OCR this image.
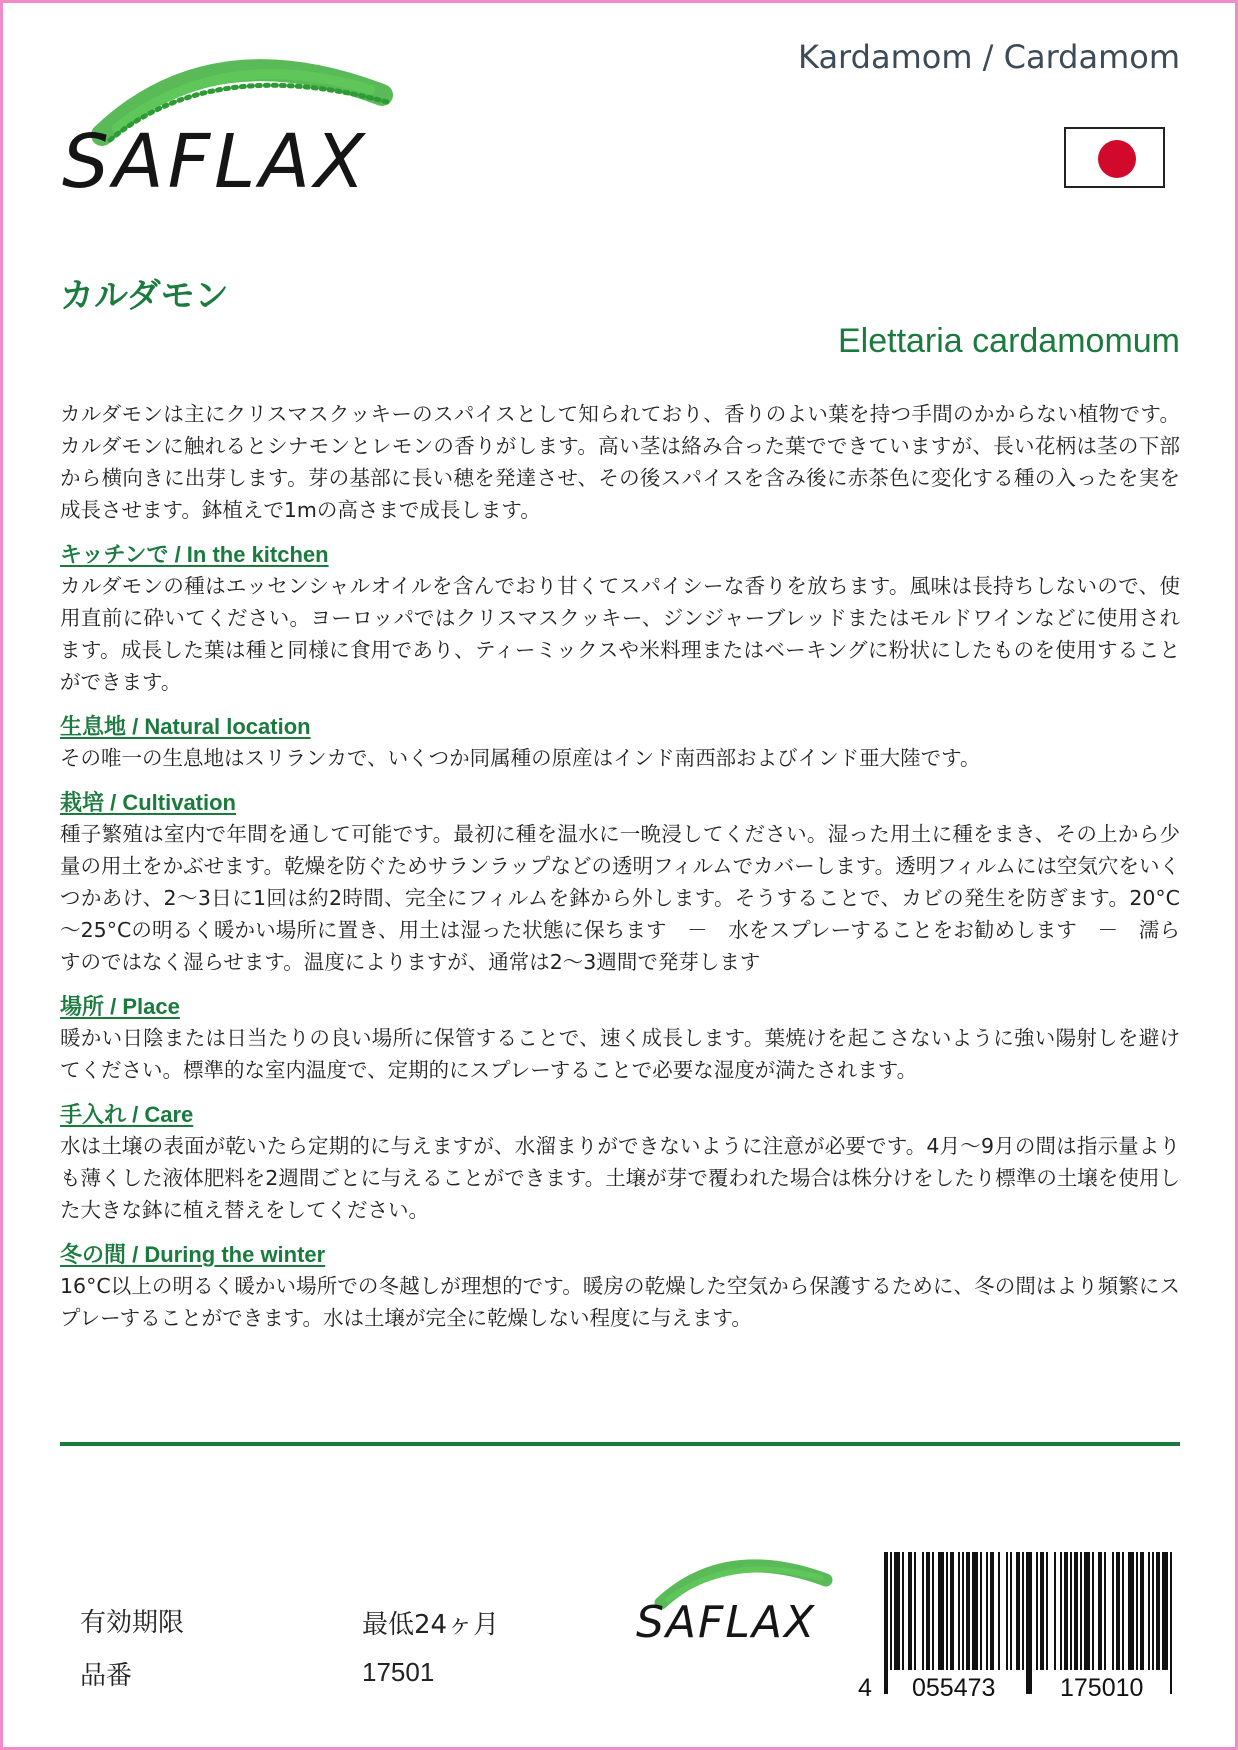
SAFLAX
Kardamom / Cardamom
カルダモン
Elettaria cardamomum

カルダモンは主にクリスマスクッキーのスパイスとして知られており、香りのよい葉を持つ手間のかからない植物です。カルダモンに触れるとシナモンとレモンの香りがします。高い茎は絡み合った葉でできていますが、長い花柄は茎の下部から横向きに出芽します。芽の基部に長い穂を発達させ、その後スパイスを含み後に赤茶色に変化する種の入ったを実を成長させます。鉢植えで1mの高さまで成長します。

キッチンで / In the kitchen

カルダモンの種はエッセンシャルオイルを含んでおり甘くてスパイシーな香りを放ちます。風味は長持ちしないので、使用直前に砕いてください。ヨーロッパではクリスマスクッキー、ジンジャーブレッドまたはモルドワインなどに使用されます。成長した葉は種と同様に食用であり、ティーミックスや米料理またはベーキングに粉状にしたものを使用することができます。

生息地 / Natural location

その唯一の生息地はスリランカで、いくつか同属種の原産はインド南西部およびインド亜大陸です。

栽培 / Cultivation

種子繁殖は室内で年間を通して可能です。最初に種を温水に一晩浸してください。湿った用土に種をまき、その上から少量の用土をかぶせます。乾燥を防ぐためサランラップなどの透明フィルムでカバーします。透明フィルムには空気穴をいくつかあけ、2～3日に1回は約2時間、完全にフィルムを鉢から外します。そうすることで、カビの発生を防ぎます。20°C～25°Cの明るく暖かい場所に置き、用土は湿った状態に保ちます　－　水をスプレーすることをお勧めします　－　濡らすのではなく湿らせます。温度によりますが、通常は2～3週間で発芽します

場所 / Place

暖かい日陰または日当たりの良い場所に保管することで、速く成長します。葉焼けを起こさないように強い陽射しを避けてください。標準的な室内温度で、定期的にスプレーすることで必要な湿度が満たされます。

手入れ / Care

水は土壌の表面が乾いたら定期的に与えますが、水溜まりができないように注意が必要です。4月～9月の間は指示量よりも薄くした液体肥料を2週間ごとに与えることができます。土壌が芽で覆われた場合は株分けをしたり標準の土壌を使用した大きな鉢に植え替えをしてください。

冬の間 / During the winter

16°C以上の明るく暖かい場所での冬越しが理想的です。暖房の乾燥した空気から保護するために、冬の間はより頻繁にスプレーすることができます。水は土壌が完全に乾燥しない程度に与えます。

有効期限	最低24ヶ月
品番	17501
SAFLAX
4 055473	175010
